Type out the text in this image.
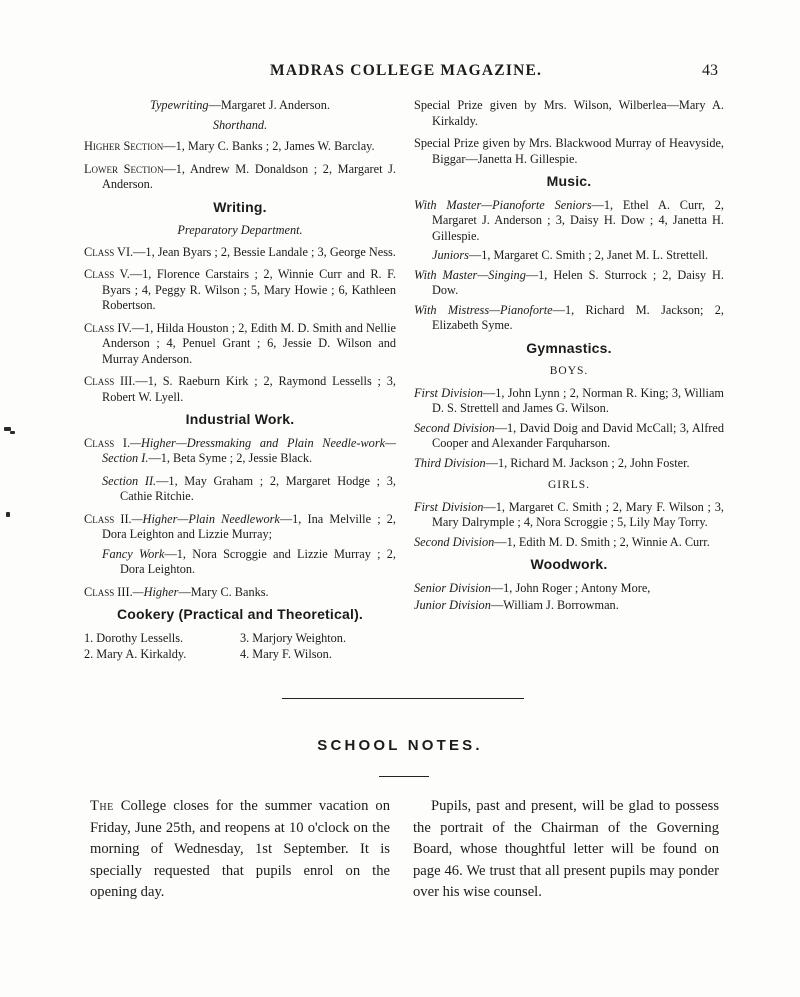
MADRAS COLLEGE MAGAZINE.	43

Typewriting—Margaret J. Anderson.

Shorthand.

Higher Section—1, Mary C. Banks ; 2, James W. Barclay.

Lower Section—1, Andrew M. Donaldson ; 2, Margaret J. Anderson.

Writing.

Preparatory Department.

Class VI.—1, Jean Byars ; 2, Bessie Landale ; 3, George Ness.

Class V.—1, Florence Carstairs ; 2, Winnie Curr and R. F. Byars ; 4, Peggy R. Wilson ; 5, Mary Howie ; 6, Kathleen Robertson.

Class IV.—1, Hilda Houston ; 2, Edith M. D. Smith and Nellie Anderson ; 4, Penuel Grant ; 6, Jessie D. Wilson and Murray Anderson.

Class III.—1, S. Raeburn Kirk ; 2, Raymond Lessells ; 3, Robert W. Lyell.

Industrial Work.

Class I.—Higher—Dressmaking and Plain Needle-work—Section I.—1, Beta Syme ; 2, Jessie Black.

Section II.—1, May Graham ; 2, Margaret Hodge ; 3, Cathie Ritchie.

Class II.—Higher—Plain Needlework—1, Ina Melville ; 2, Dora Leighton and Lizzie Murray;

Fancy Work—1, Nora Scroggie and Lizzie Murray ; 2, Dora Leighton.

Class III.—Higher—Mary C. Banks.

Cookery (Practical and Theoretical).

1. Dorothy Lessells.	3. Marjory Weighton.
2. Mary A. Kirkaldy.	4. Mary F. Wilson.

Special Prize given by Mrs. Wilson, Wilberlea—Mary A. Kirkaldy.

Special Prize given by Mrs. Blackwood Murray of Heavyside, Biggar—Janetta H. Gillespie.

Music.

With Master—Pianoforte Seniors—1, Ethel A. Curr, 2, Margaret J. Anderson ; 3, Daisy H. Dow ; 4, Janetta H. Gillespie.

Juniors—1, Margaret C. Smith ; 2, Janet M. L. Strettell.

With Master—Singing—1, Helen S. Sturrock ; 2, Daisy H. Dow.

With Mistress—Pianoforte—1, Richard M. Jackson; 2, Elizabeth Syme.

Gymnastics.

BOYS.

First Division—1, John Lynn ; 2, Norman R. King; 3, William D. S. Strettell and James G. Wilson.

Second Division—1, David Doig and David McCall; 3, Alfred Cooper and Alexander Farquharson.

Third Division—1, Richard M. Jackson ; 2, John Foster.

GIRLS.

First Division—1, Margaret C. Smith ; 2, Mary F. Wilson ; 3, Mary Dalrymple ; 4, Nora Scroggie ; 5, Lily May Torry.

Second Division—1, Edith M. D. Smith ; 2, Winnie A. Curr.

Woodwork.

Senior Division—1, John Roger ; Antony More,

Junior Division—William J. Borrowman.

SCHOOL NOTES.
The College closes for the summer vacation on Friday, June 25th, and reopens at 10 o'clock on the morning of Wednesday, 1st September. It is specially requested that pupils enrol on the opening day.
Pupils, past and present, will be glad to possess the portrait of the Chairman of the Governing Board, whose thoughtful letter will be found on page 46. We trust that all present pupils may ponder over his wise counsel.
